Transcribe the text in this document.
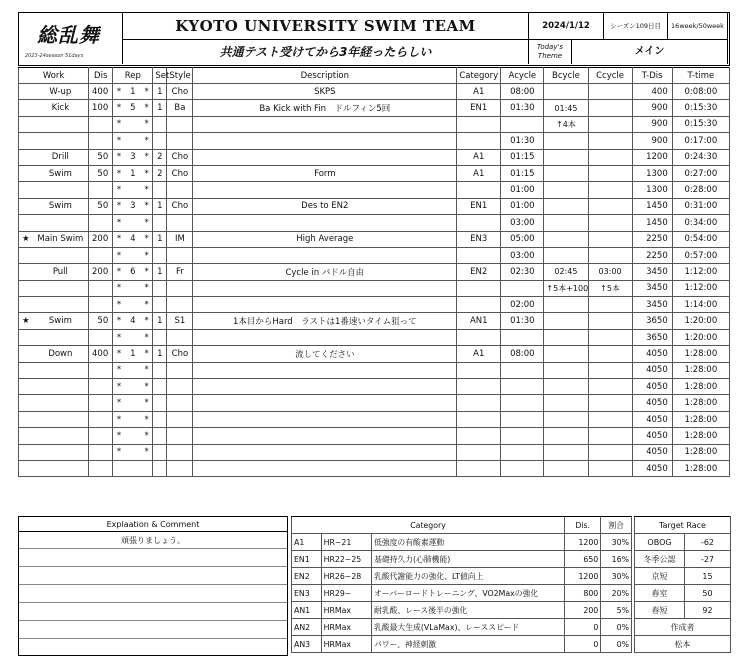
総乱舞
2023-24season 51days
KYOTO UNIVERSITY SWIM TEAM
共通テスト受けてから3年経ったらしい
2024/1/12	シーズン109日目	16week/50week
Today's Theme	メイン
Work		Dis	Rep			Set	Style	Description	Category	Acycle	Bcycle	Ccycle	T-Dis	T-time
	W-up	400	*	1	*	1	Cho	SKPS	A1	08:00			400	0:08:00
	Kick	100	*	5	*	1	Ba	Ba Kick with Fin　ドルフィン5回	EN1	01:30	01:45		900	0:15:30
			*		*						↑4本		900	0:15:30
			*		*					01:30			900	0:17:00
	Drill	50	*	3	*	2	Cho		A1	01:15			1200	0:24:30
	Swim	50	*	1	*	2	Cho	Form	A1	01:15			1300	0:27:00
			*		*					01:00			1300	0:28:00
	Swim	50	*	3	*	1	Cho	Des to EN2	EN1	01:00			1450	0:31:00
			*		*					03:00			1450	0:34:00
★	Main Swim	200	*	4	*	1	IM	High Average	EN3	05:00			2250	0:54:00
			*		*					03:00			2250	0:57:00
	Pull	200	*	6	*	1	Fr	Cycle in パドル自由	EN2	02:30	02:45	03:00	3450	1:12:00
			*		*						↑5本+100	↑5本	3450	1:12:00
			*		*					02:00			3450	1:14:00
★	Swim	50	*	4	*	1	S1	1本目からHard　ラストは1番速いタイム狙って	AN1	01:30			3650	1:20:00
			*		*								3650	1:20:00
	Down	400	*	1	*	1	Cho	流してください	A1	08:00			4050	1:28:00
			*		*								4050	1:28:00
			*		*								4050	1:28:00
			*		*								4050	1:28:00
			*		*								4050	1:28:00
			*		*								4050	1:28:00
			*		*								4050	1:28:00
													4050	1:28:00
Explaation & Comment
頑張りましょう。
Category			Dis.	割合
A1	HR~21	低強度の有酸素運動	1200	30%
EN1	HR22~25	基礎持久力(心肺機能)	650	16%
EN2	HR26~28	乳酸代謝能力の強化、LT値向上	1200	30%
EN3	HR29~	オーバーロードトレーニング、VO2Maxの強化	800	20%
AN1	HRMax	耐乳酸、レース後半の強化	200	5%
AN2	HRMax	乳酸最大生成(VLaMax)、レーススピード	0	0%
AN3	HRMax	パワー、神経刺激	0	0%
Target Race	
OBOG	-62
冬季公認	-27
京短	15
春室	50
春短	92
作成者	
松本	
